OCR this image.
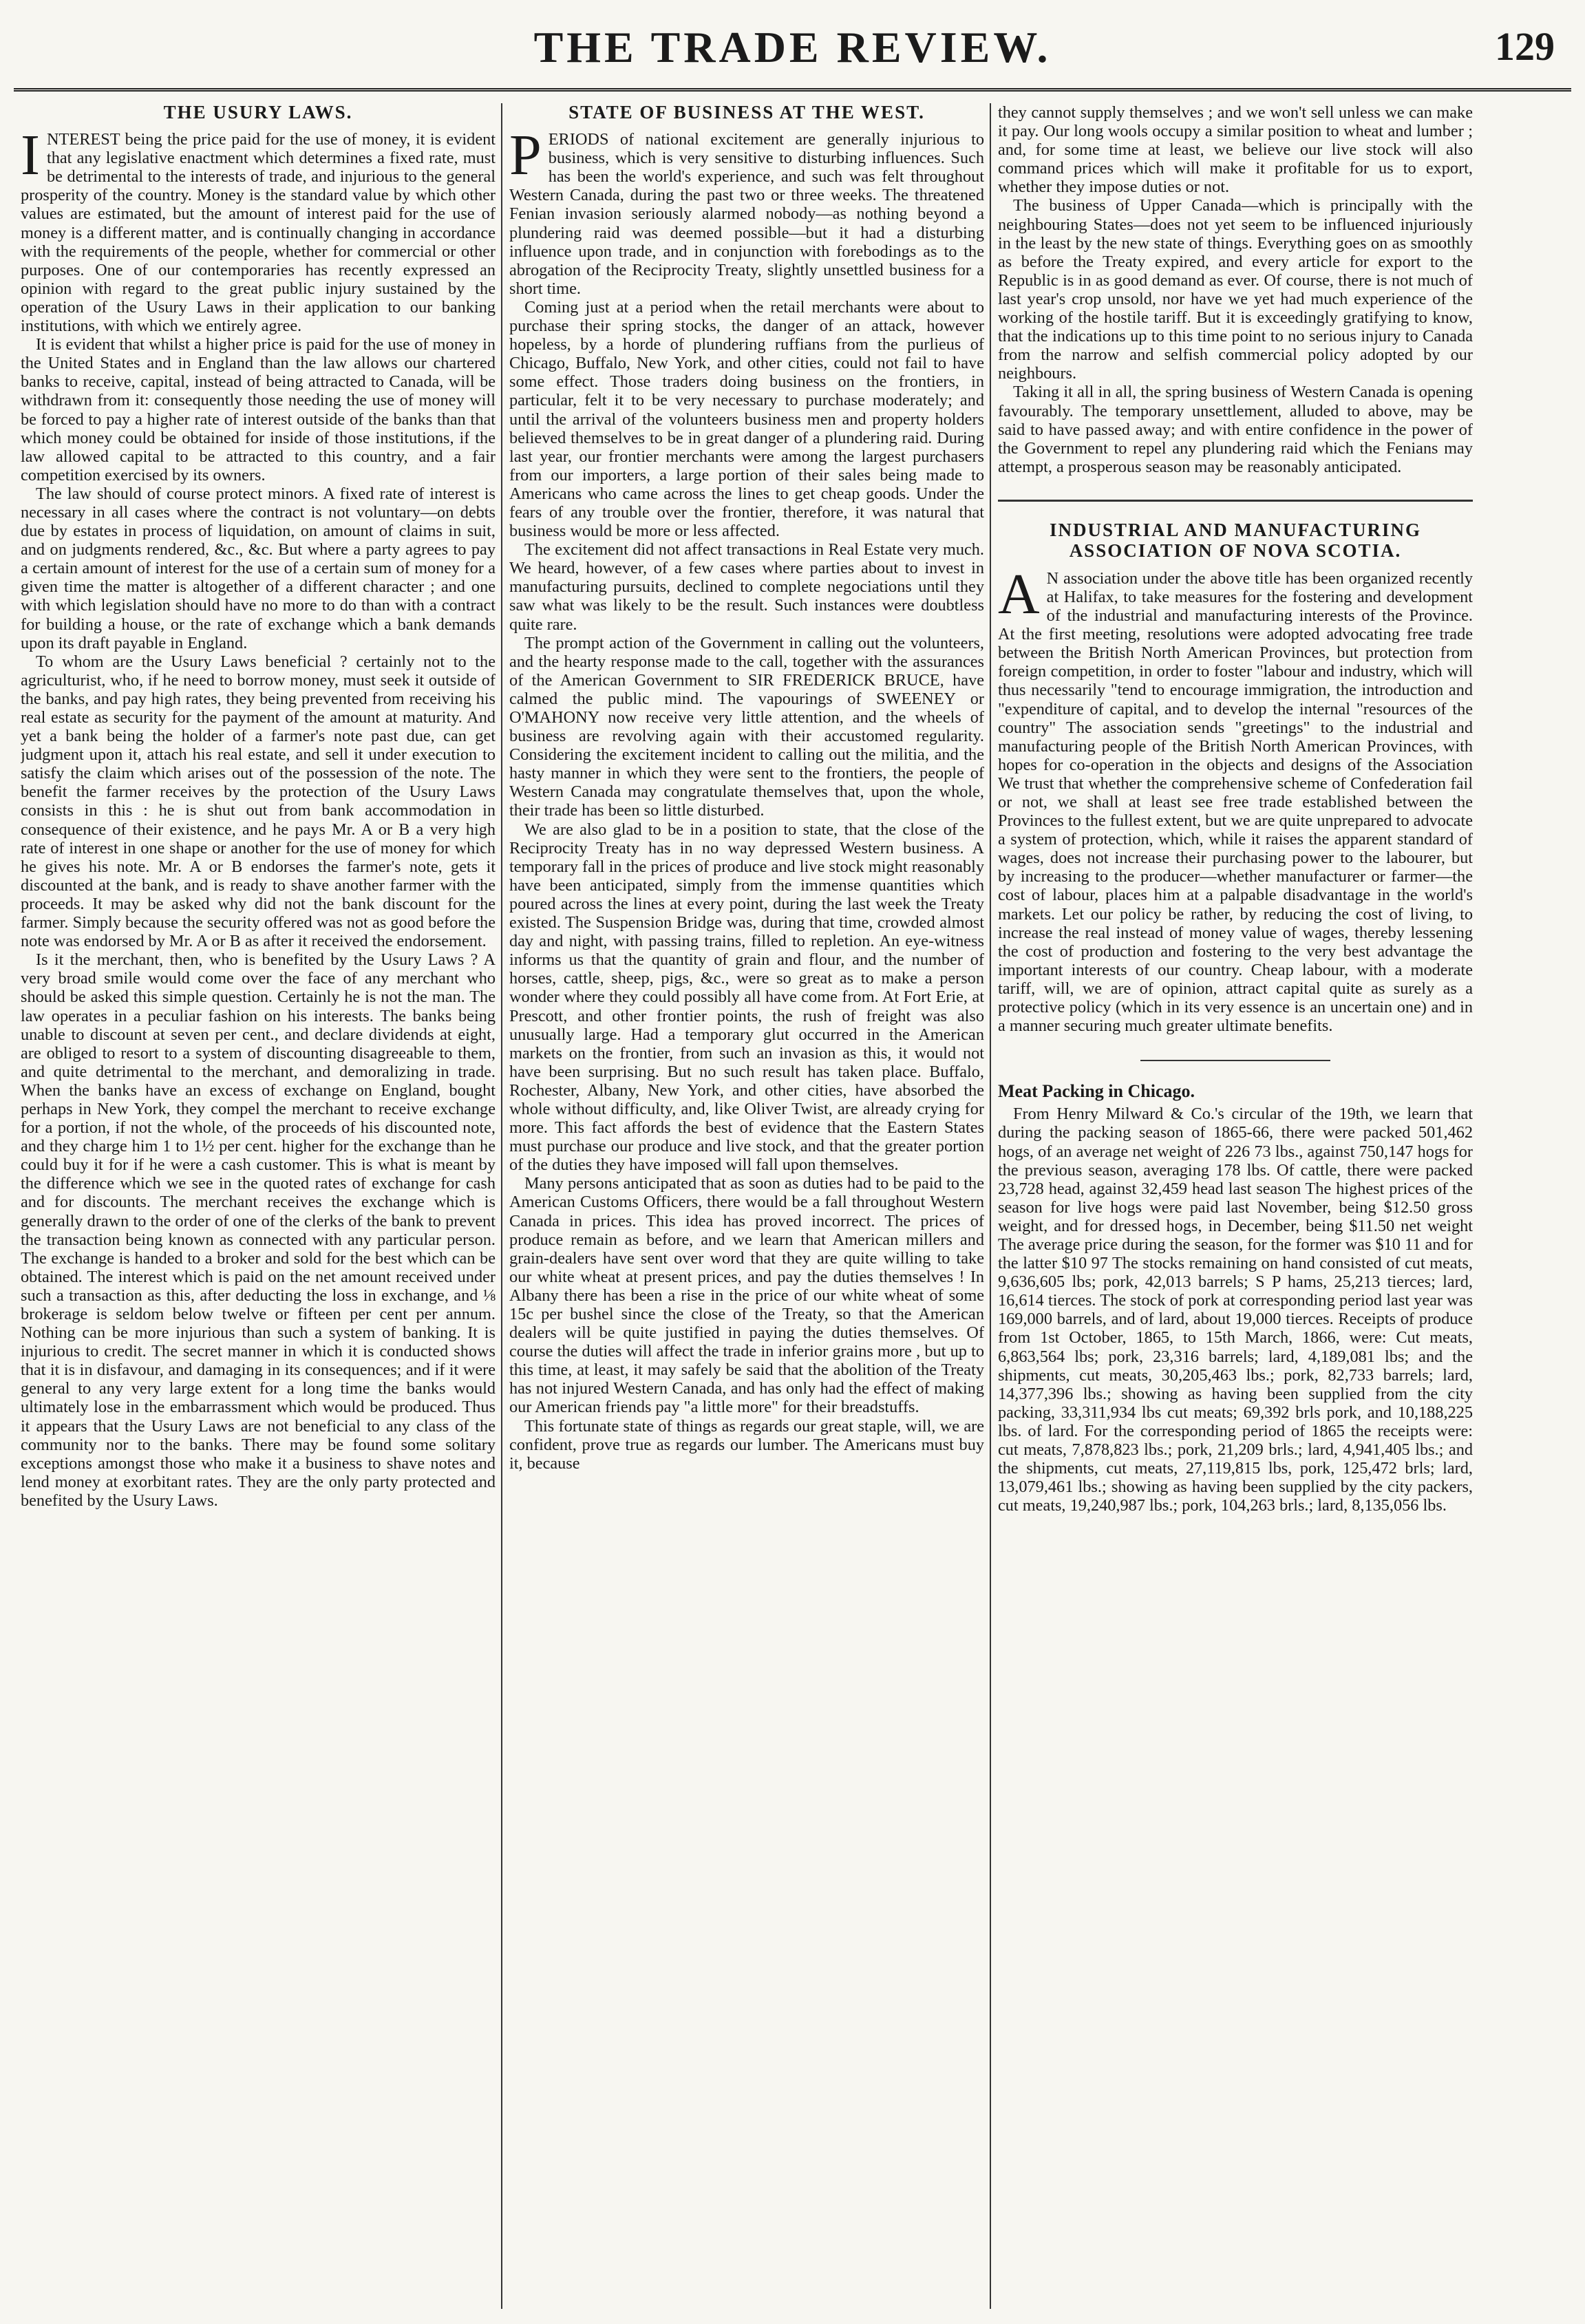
THE TRADE REVIEW.	129
THE USURY LAWS.

INTEREST being the price paid for the use of money, it is evident that any legislative enactment which determines a fixed rate, must be detrimental to the interests of trade, and injurious to the general prosperity of the country. Money is the standard value by which other values are estimated, but the amount of interest paid for the use of money is a different matter, and is continually changing in accordance with the requirements of the people, whether for commercial or other purposes. One of our contemporaries has recently expressed an opinion with regard to the great public injury sustained by the operation of the Usury Laws in their application to our banking institutions, with which we entirely agree.

It is evident that whilst a higher price is paid for the use of money in the United States and in England than the law allows our chartered banks to receive, capital, instead of being attracted to Canada, will be withdrawn from it: consequently those needing the use of money will be forced to pay a higher rate of interest outside of the banks than that which money could be obtained for inside of those institutions, if the law allowed capital to be attracted to this country, and a fair competition exercised by its owners.

The law should of course protect minors. A fixed rate of interest is necessary in all cases where the contract is not voluntary—on debts due by estates in process of liquidation, on amount of claims in suit, and on judgments rendered, &c., &c. But where a party agrees to pay a certain amount of interest for the use of a certain sum of money for a given time the matter is altogether of a different character ; and one with which legislation should have no more to do than with a contract for building a house, or the rate of exchange which a bank demands upon its draft payable in England.

To whom are the Usury Laws beneficial ? certainly not to the agriculturist, who, if he need to borrow money, must seek it outside of the banks, and pay high rates, they being prevented from receiving his real estate as security for the payment of the amount at maturity. And yet a bank being the holder of a farmer's note past due, can get judgment upon it, attach his real estate, and sell it under execution to satisfy the claim which arises out of the possession of the note. The benefit the farmer receives by the protection of the Usury Laws consists in this : he is shut out from bank accommodation in consequence of their existence, and he pays Mr. A or B a very high rate of interest in one shape or another for the use of money for which he gives his note. Mr. A or B endorses the farmer's note, gets it discounted at the bank, and is ready to shave another farmer with the proceeds. It may be asked why did not the bank discount for the farmer. Simply because the security offered was not as good before the note was endorsed by Mr. A or B as after it received the endorsement.

Is it the merchant, then, who is benefited by the Usury Laws ? A very broad smile would come over the face of any merchant who should be asked this simple question. Certainly he is not the man. The law operates in a peculiar fashion on his interests. The banks being unable to discount at seven per cent., and declare dividends at eight, are obliged to resort to a system of discounting disagreeable to them, and quite detrimental to the merchant, and demoralizing in trade. When the banks have an excess of exchange on England, bought perhaps in New York, they compel the merchant to receive exchange for a portion, if not the whole, of the proceeds of his discounted note, and they charge him 1 to 1½ per cent. higher for the exchange than he could buy it for if he were a cash customer. This is what is meant by the difference which we see in the quoted rates of exchange for cash and for discounts. The merchant receives the exchange which is generally drawn to the order of one of the clerks of the bank to prevent the transaction being known as connected with any particular person. The exchange is handed to a broker and sold for the best which can be obtained. The interest which is paid on the net amount received under such a transaction as this, after deducting the loss in exchange, and ⅛ brokerage is seldom below twelve or fifteen per cent per annum. Nothing can be more injurious than such a system of banking. It is injurious to credit. The secret manner in which it is conducted shows that it is in disfavour, and damaging in its consequences; and if it were general to any very large extent for a long time the banks would ultimately lose in the embarrassment which would be produced. Thus it appears that the Usury Laws are not beneficial to any class of the community nor to the banks. There may be found some solitary exceptions amongst those who make it a business to shave notes and lend money at exorbitant rates. They are the only party protected and benefited by the Usury Laws.

STATE OF BUSINESS AT THE WEST.

PERIODS of national excitement are generally injurious to business, which is very sensitive to disturbing influences. Such has been the world's experience, and such was felt throughout Western Canada, during the past two or three weeks. The threatened Fenian invasion seriously alarmed nobody—as nothing beyond a plundering raid was deemed possible—but it had a disturbing influence upon trade, and in conjunction with forebodings as to the abrogation of the Reciprocity Treaty, slightly unsettled business for a short time.

Coming just at a period when the retail merchants were about to purchase their spring stocks, the danger of an attack, however hopeless, by a horde of plundering ruffians from the purlieus of Chicago, Buffalo, New York, and other cities, could not fail to have some effect. Those traders doing business on the frontiers, in particular, felt it to be very necessary to purchase moderately; and until the arrival of the volunteers business men and property holders believed themselves to be in great danger of a plundering raid. During last year, our frontier merchants were among the largest purchasers from our importers, a large portion of their sales being made to Americans who came across the lines to get cheap goods. Under the fears of any trouble over the frontier, therefore, it was natural that business would be more or less affected.

The excitement did not affect transactions in Real Estate very much. We heard, however, of a few cases where parties about to invest in manufacturing pursuits, declined to complete negociations until they saw what was likely to be the result. Such instances were doubtless quite rare.

The prompt action of the Government in calling out the volunteers, and the hearty response made to the call, together with the assurances of the American Government to SIR FREDERICK BRUCE, have calmed the public mind. The vapourings of SWEENEY or O'MAHONY now receive very little attention, and the wheels of business are revolving again with their accustomed regularity. Considering the excitement incident to calling out the militia, and the hasty manner in which they were sent to the frontiers, the people of Western Canada may congratulate themselves that, upon the whole, their trade has been so little disturbed.

We are also glad to be in a position to state, that the close of the Reciprocity Treaty has in no way depressed Western business. A temporary fall in the prices of produce and live stock might reasonably have been anticipated, simply from the immense quantities which poured across the lines at every point, during the last week the Treaty existed. The Suspension Bridge was, during that time, crowded almost day and night, with passing trains, filled to repletion. An eye-witness informs us that the quantity of grain and flour, and the number of horses, cattle, sheep, pigs, &c., were so great as to make a person wonder where they could possibly all have come from. At Fort Erie, at Prescott, and other frontier points, the rush of freight was also unusually large. Had a temporary glut occurred in the American markets on the frontier, from such an invasion as this, it would not have been surprising. But no such result has taken place. Buffalo, Rochester, Albany, New York, and other cities, have absorbed the whole without difficulty, and, like Oliver Twist, are already crying for more. This fact affords the best of evidence that the Eastern States must purchase our produce and live stock, and that the greater portion of the duties they have imposed will fall upon themselves.

Many persons anticipated that as soon as duties had to be paid to the American Customs Officers, there would be a fall throughout Western Canada in prices. This idea has proved incorrect. The prices of produce remain as before, and we learn that American millers and grain-dealers have sent over word that they are quite willing to take our white wheat at present prices, and pay the duties themselves ! In Albany there has been a rise in the price of our white wheat of some 15c per bushel since the close of the Treaty, so that the American dealers will be quite justified in paying the duties themselves. Of course the duties will affect the trade in inferior grains more , but up to this time, at least, it may safely be said that the abolition of the Treaty has not injured Western Canada, and has only had the effect of making our American friends pay "a little more" for their breadstuffs.

This fortunate state of things as regards our great staple, will, we are confident, prove true as regards our lumber. The Americans must buy it, because

they cannot supply themselves ; and we won't sell unless we can make it pay. Our long wools occupy a similar position to wheat and lumber ; and, for some time at least, we believe our live stock will also command prices which will make it profitable for us to export, whether they impose duties or not.

The business of Upper Canada—which is principally with the neighbouring States—does not yet seem to be influenced injuriously in the least by the new state of things. Everything goes on as smoothly as before the Treaty expired, and every article for export to the Republic is in as good demand as ever. Of course, there is not much of last year's crop unsold, nor have we yet had much experience of the working of the hostile tariff. But it is exceedingly gratifying to know, that the indications up to this time point to no serious injury to Canada from the narrow and selfish commercial policy adopted by our neighbours.

Taking it all in all, the spring business of Western Canada is opening favourably. The temporary unsettlement, alluded to above, may be said to have passed away; and with entire confidence in the power of the Government to repel any plundering raid which the Fenians may attempt, a prosperous season may be reasonably anticipated.

INDUSTRIAL AND MANUFACTURING ASSOCIATION OF NOVA SCOTIA.

A N association under the above title has been organized recently at Halifax, to take measures for the fostering and development of the industrial and manufacturing interests of the Province. At the first meeting, resolutions were adopted advocating free trade between the British North American Provinces, but protection from foreign competition, in order to foster "labour and industry, which will thus necessarily "tend to encourage immigration, the introduction and "expenditure of capital, and to develop the internal "resources of the country" The association sends "greetings" to the industrial and manufacturing people of the British North American Provinces, with hopes for co-operation in the objects and designs of the Association We trust that whether the comprehensive scheme of Confederation fail or not, we shall at least see free trade established between the Provinces to the fullest extent, but we are quite unprepared to advocate a system of protection, which, while it raises the apparent standard of wages, does not increase their purchasing power to the labourer, but by increasing to the producer—whether manufacturer or farmer—the cost of labour, places him at a palpable disadvantage in the world's markets. Let our policy be rather, by reducing the cost of living, to increase the real instead of money value of wages, thereby lessening the cost of production and fostering to the very best advantage the important interests of our country. Cheap labour, with a moderate tariff, will, we are of opinion, attract capital quite as surely as a protective policy (which in its very essence is an uncertain one) and in a manner securing much greater ultimate benefits.

Meat Packing in Chicago.

From Henry Milward & Co.'s circular of the 19th, we learn that during the packing season of 1865-66, there were packed 501,462 hogs, of an average net weight of 226 73 lbs., against 750,147 hogs for the previous season, averaging 178 lbs. Of cattle, there were packed 23,728 head, against 32,459 head last season The highest prices of the season for live hogs were paid last November, being $12.50 gross weight, and for dressed hogs, in December, being $11.50 net weight The average price during the season, for the former was $10 11 and for the latter $10 97 The stocks remaining on hand consisted of cut meats, 9,636,605 lbs; pork, 42,013 barrels; S P hams, 25,213 tierces; lard, 16,614 tierces. The stock of pork at corresponding period last year was 169,000 barrels, and of lard, about 19,000 tierces. Receipts of produce from 1st October, 1865, to 15th March, 1866, were: Cut meats, 6,863,564 lbs; pork, 23,316 barrels; lard, 4,189,081 lbs; and the shipments, cut meats, 30,205,463 lbs.; pork, 82,733 barrels; lard, 14,377,396 lbs.; showing as having been supplied from the city packing, 33,311,934 lbs cut meats; 69,392 brls pork, and 10,188,225 lbs. of lard. For the corresponding period of 1865 the receipts were: cut meats, 7,878,823 lbs.; pork, 21,209 brls.; lard, 4,941,405 lbs.; and the shipments, cut meats, 27,119,815 lbs, pork, 125,472 brls; lard, 13,079,461 lbs.; showing as having been supplied by the city packers, cut meats, 19,240,987 lbs.; pork, 104,263 brls.; lard, 8,135,056 lbs.
